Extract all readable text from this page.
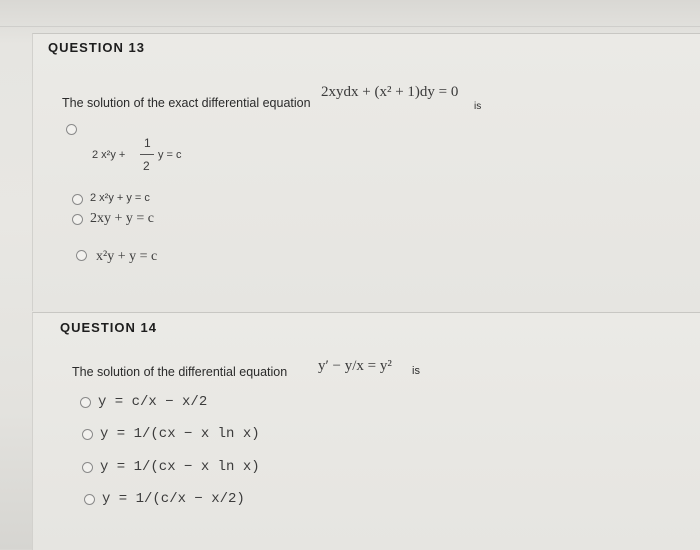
QUESTION 13
The solution of the exact differential equation
2xydx + (x² + 1)dy = 0
is
2 x²y +
1
2
y = c
2 x²y + y = c
2xy + y = c
x²y + y = c
QUESTION 14
The solution of the differential equation y′ − y/x = y² is
y = c/x − x/2
y = 1/(cx − x ln x)
y = 1/(cx − x ln x)
y = 1/(c/x − x/2)
